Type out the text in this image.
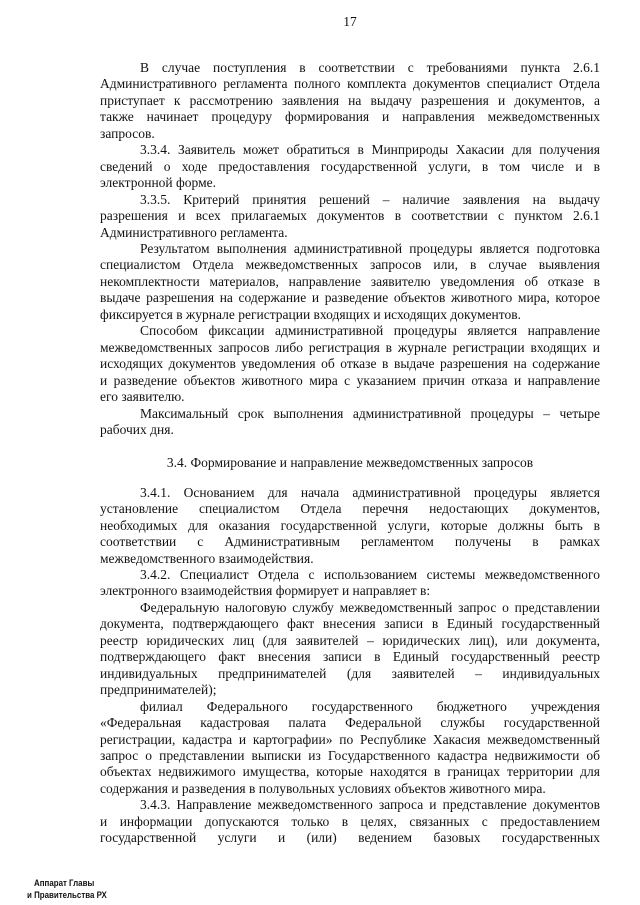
17
В случае поступления в соответствии с требованиями пункта 2.6.1
Административного регламента полного комплекта документов специалист Отдела
приступает к рассмотрению заявления на выдачу разрешения и документов, а
также начинает процедуру формирования и направления межведомственных
запросов.
3.3.4. Заявитель может обратиться в Минприроды Хакасии для получения
сведений о ходе предоставления государственной услуги, в том числе и в
электронной форме.
3.3.5. Критерий принятия решений – наличие заявления на выдачу
разрешения и всех прилагаемых документов в соответствии с пунктом 2.6.1
Административного регламента.
Результатом выполнения административной процедуры является подготовка
специалистом Отдела межведомственных запросов или, в случае выявления
некомплектности материалов, направление заявителю уведомления об отказе в
выдаче разрешения на содержание и разведение объектов животного мира, которое
фиксируется в журнале регистрации входящих и исходящих документов.
Способом фиксации административной процедуры является направление
межведомственных запросов либо регистрация в журнале регистрации входящих и
исходящих документов уведомления об отказе в выдаче разрешения на содержание
и разведение объектов животного мира с указанием причин отказа и направление
его заявителю.
Максимальный срок выполнения административной процедуры – четыре
рабочих дня.
3.4. Формирование и направление межведомственных запросов
3.4.1. Основанием для начала административной процедуры является
установление специалистом Отдела перечня недостающих документов,
необходимых для оказания государственной услуги, которые должны быть в
соответствии с Административным регламентом получены в рамках
межведомственного взаимодействия.
3.4.2. Специалист Отдела с использованием системы межведомственного
электронного взаимодействия формирует и направляет в:
Федеральную налоговую службу межведомственный запрос о представлении
документа, подтверждающего факт внесения записи в Единый государственный
реестр юридических лиц (для заявителей – юридических лиц), или документа,
подтверждающего факт внесения записи в Единый государственный реестр
индивидуальных предпринимателей (для заявителей – индивидуальных
предпринимателей);
филиал Федерального государственного бюджетного учреждения
«Федеральная кадастровая палата Федеральной службы государственной
регистрации, кадастра и картографии» по Республике Хакасия межведомственный
запрос о представлении выписки из Государственного кадастра недвижимости об
объектах недвижимого имущества, которые находятся в границах территории для
содержания и разведения в полувольных условиях объектов животного мира.
3.4.3. Направление межведомственного запроса и представление документов
и информации допускаются только в целях, связанных с предоставлением
государственной услуги и (или) ведением базовых государственных
Аппарат Главы
и Правительства РХ
